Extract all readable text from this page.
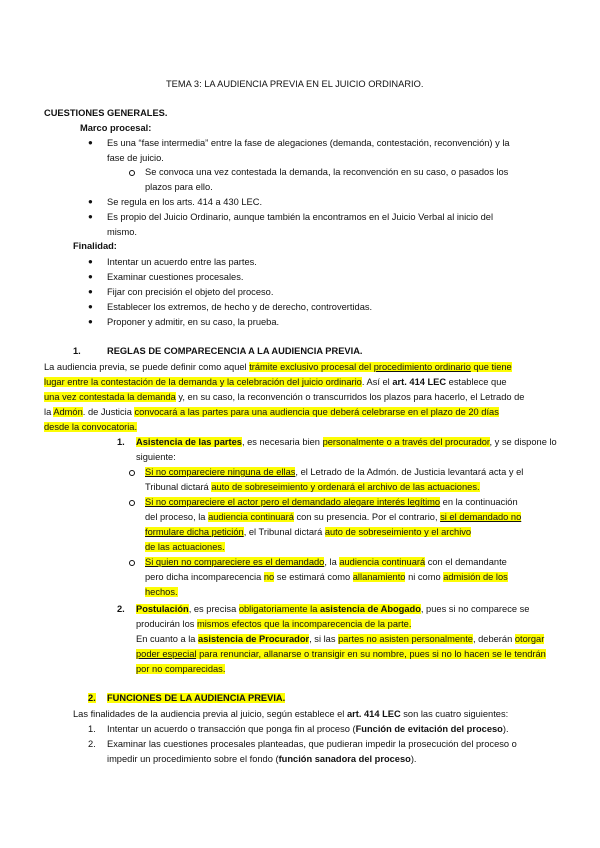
TEMA 3: LA AUDIENCIA PREVIA EN EL JUICIO ORDINARIO.
CUESTIONES GENERALES.
Marco procesal:
● Es una “fase intermedia” entre la fase de alegaciones (demanda, contestación, reconvención) y la
fase de juicio.
Se convoca una vez contestada la demanda, la reconvención en su caso, o pasados los
plazos para ello.
● Se regula en los arts. 414 a 430 LEC.
● Es propio del Juicio Ordinario, aunque también la encontramos en el Juicio Verbal al inicio del
mismo.
Finalidad:
● Intentar un acuerdo entre las partes.
● Examinar cuestiones procesales.
● Fijar con precisión el objeto del proceso.
● Establecer los extremos, de hecho y de derecho, controvertidas.
● Proponer y admitir, en su caso, la prueba.
1.	REGLAS DE COMPARECENCIA A LA AUDIENCIA PREVIA.
La audiencia previa, se puede definir como aquel trámite exclusivo procesal del procedimiento ordinario que tiene
lugar entre la contestación de la demanda y la celebración del juicio ordinario. Así el art. 414 LEC establece que
una vez contestada la demanda y, en su caso, la reconvención o transcurridos los plazos para hacerlo, el Letrado de
la Admón. de Justicia convocará a las partes para una audiencia que deberá celebrarse en el plazo de 20 días
desde la convocatoria.
1. Asistencia de las partes, es necesaria bien personalmente o a través del procurador, y se dispone lo
siguiente:
Si no compareciere ninguna de ellas, el Letrado de la Admón. de Justicia levantará acta y el
Tribunal dictará auto de sobreseimiento y ordenará el archivo de las actuaciones.
Si no compareciere el actor pero el demandado alegare interés legítimo en la continuación
del proceso, la audiencia continuará con su presencia. Por el contrario, si el demandado no
formulare dicha petición, el Tribunal dictará auto de sobreseimiento y el archivo
de las actuaciones.
Si quien no compareciere es el demandado, la audiencia continuará con el demandante
pero dicha incomparecencia no se estimará como allanamiento ni como admisión de los
hechos.
2. Postulación, es precisa obligatoriamente la asistencia de Abogado, pues si no comparece se
producirán los mismos efectos que la incomparecencia de la parte.
En cuanto a la asistencia de Procurador, si las partes no asisten personalmente, deberán otorgar
poder especial para renunciar, allanarse o transigir en su nombre, pues si no lo hacen se le tendrán
por no comparecidas.
2. FUNCIONES DE LA AUDIENCIA PREVIA.
Las finalidades de la audiencia previa al juicio, según establece el art. 414 LEC son las cuatro siguientes:
1. Intentar un acuerdo o transacción que ponga fin al proceso (Función de evitación del proceso).
2. Examinar las cuestiones procesales planteadas, que pudieran impedir la prosecución del proceso o
impedir un procedimiento sobre el fondo (función sanadora del proceso).
